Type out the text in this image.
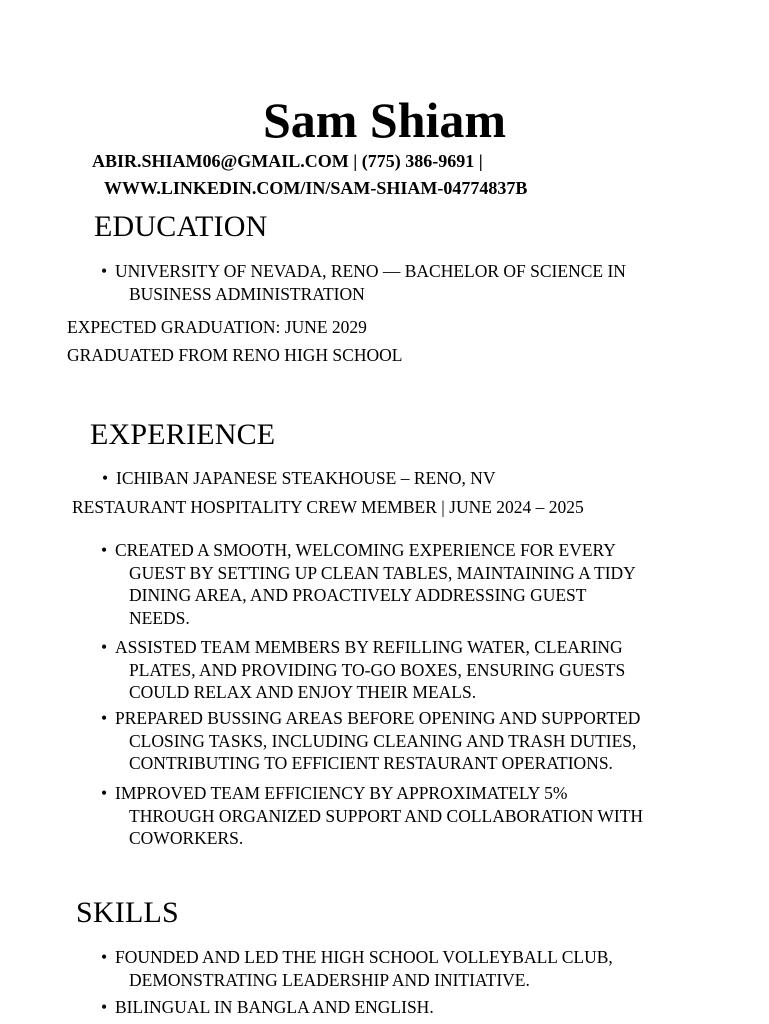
Sam Shiam
ABIR.SHIAM06@GMAIL.COM | (775) 386-9691 |
WWW.LINKEDIN.COM/IN/SAM-SHIAM-04774837B
EDUCATION
• UNIVERSITY OF NEVADA, RENO — BACHELOR OF SCIENCE IN
BUSINESS ADMINISTRATION
EXPECTED GRADUATION: JUNE 2029
GRADUATED FROM RENO HIGH SCHOOL
EXPERIENCE
• ICHIBAN JAPANESE STEAKHOUSE – RENO, NV
RESTAURANT HOSPITALITY CREW MEMBER | JUNE 2024 – 2025
• CREATED A SMOOTH, WELCOMING EXPERIENCE FOR EVERY
GUEST BY SETTING UP CLEAN TABLES, MAINTAINING A TIDY
DINING AREA, AND PROACTIVELY ADDRESSING GUEST
NEEDS.
• ASSISTED TEAM MEMBERS BY REFILLING WATER, CLEARING
PLATES, AND PROVIDING TO-GO BOXES, ENSURING GUESTS
COULD RELAX AND ENJOY THEIR MEALS.
• PREPARED BUSSING AREAS BEFORE OPENING AND SUPPORTED
CLOSING TASKS, INCLUDING CLEANING AND TRASH DUTIES,
CONTRIBUTING TO EFFICIENT RESTAURANT OPERATIONS.
• IMPROVED TEAM EFFICIENCY BY APPROXIMATELY 5%
THROUGH ORGANIZED SUPPORT AND COLLABORATION WITH
COWORKERS.
SKILLS
• FOUNDED AND LED THE HIGH SCHOOL VOLLEYBALL CLUB,
DEMONSTRATING LEADERSHIP AND INITIATIVE.
• BILINGUAL IN BANGLA AND ENGLISH.
